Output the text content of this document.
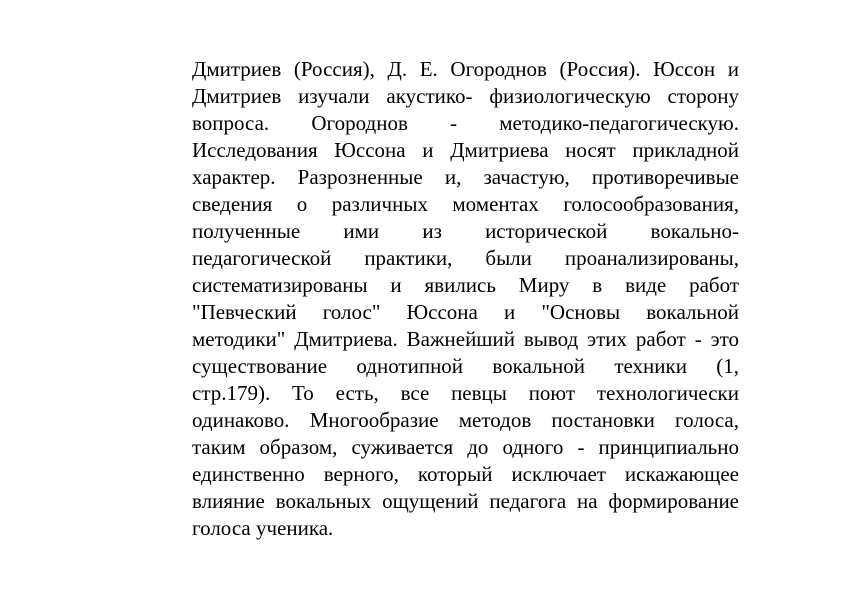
Дмитриев (Россия), Д. Е. Огороднов (Россия). Юссон и
Дмитриев изучали акустико- физиологическую сторону
вопроса. Огороднов - методико-педагогическую.
Исследования Юссона и Дмитриева носят прикладной
характер. Разрозненные и, зачастую, противоречивые
сведения о различных моментах голосообразования,
полученные ими из исторической вокально-
педагогической практики, были проанализированы,
систематизированы и явились Миру в виде работ
"Певческий голос" Юссона и "Основы вокальной
методики" Дмитриева. Важнейший вывод этих работ - это
существование однотипной вокальной техники (1,
стр.179). То есть, все певцы поют технологически
одинаково. Многообразие методов постановки голоса,
таким образом, суживается до одного - принципиально
единственно верного, который исключает искажающее
влияние вокальных ощущений педагога на формирование
голоса ученика.
